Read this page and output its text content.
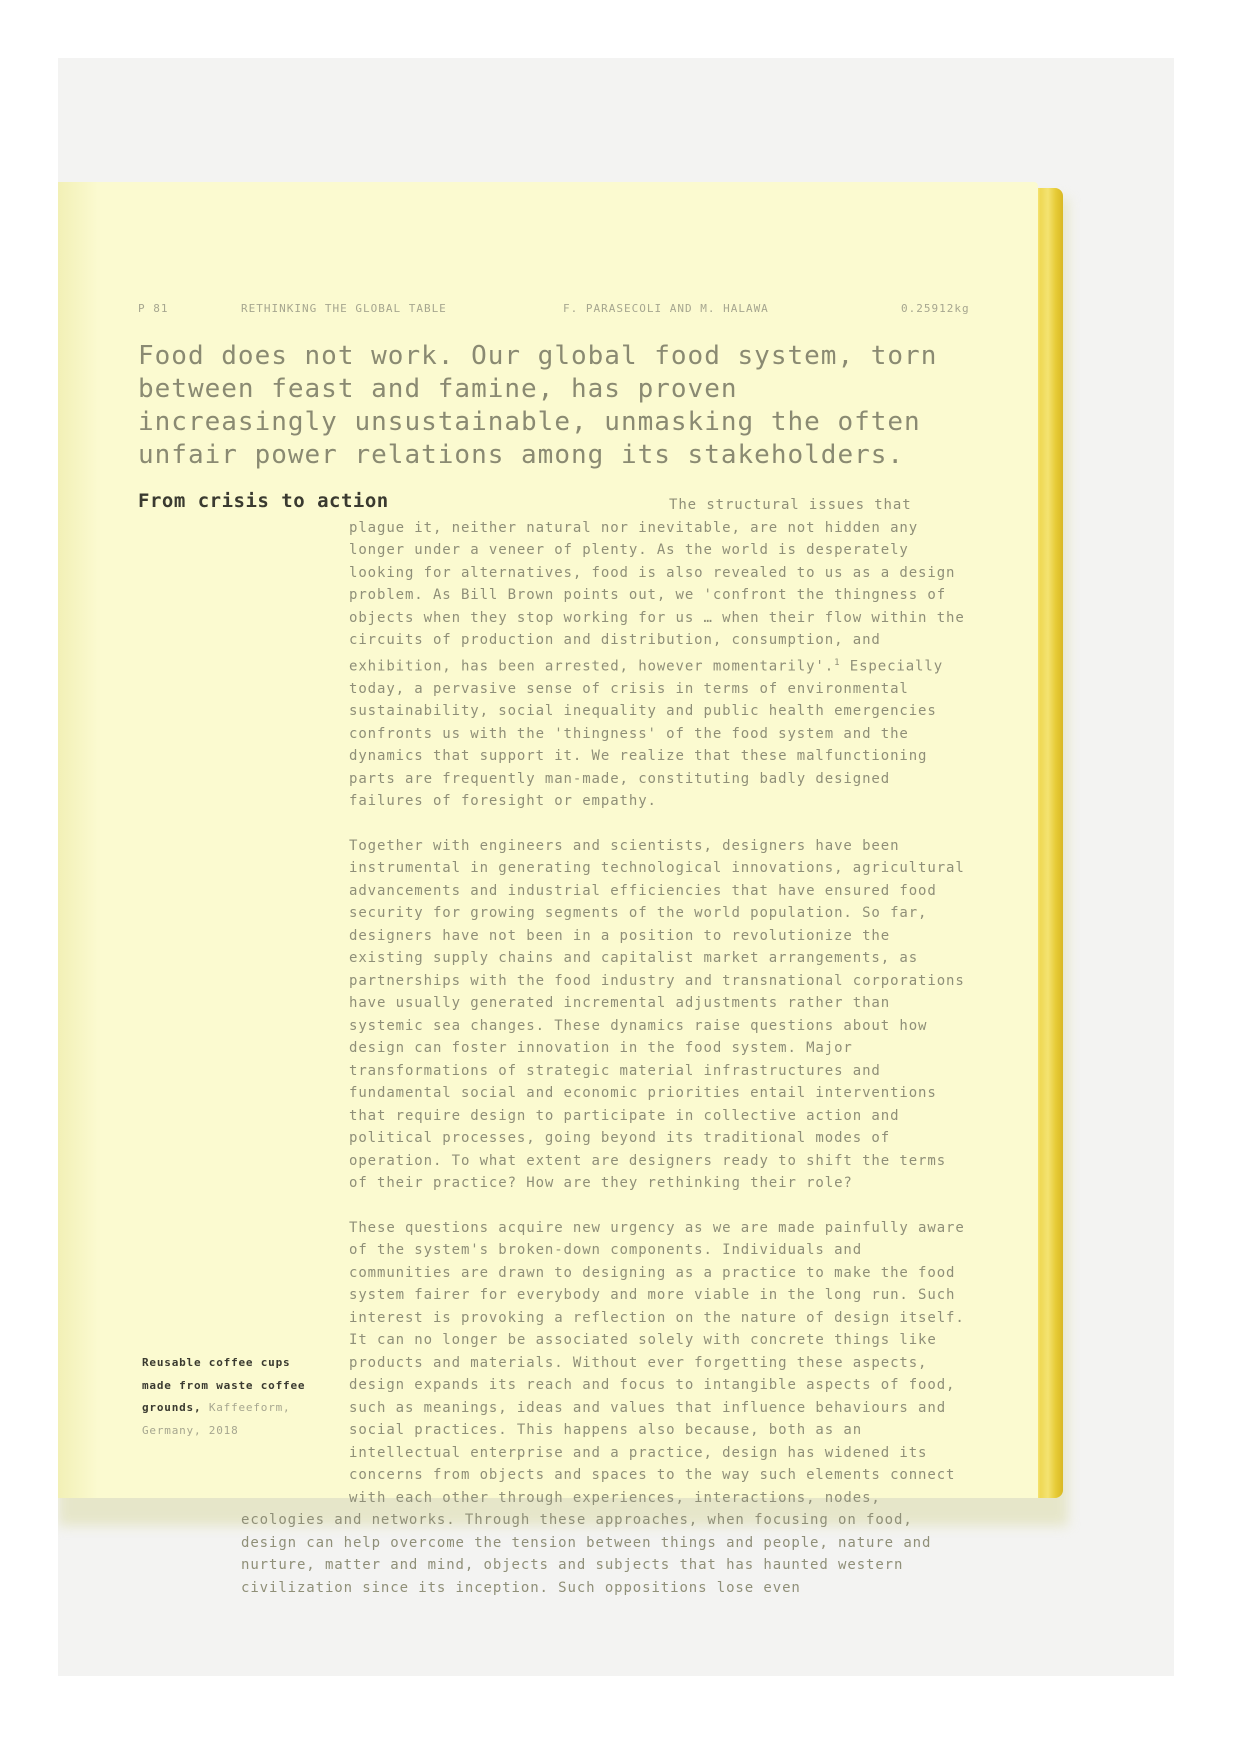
P 81	RETHINKING THE GLOBAL TABLE	F. PARASECOLI AND M. HALAWA	0.25912kg
Food does not work. Our global food system, torn between feast and famine, has proven increasingly unsustainable, unmasking the often unfair power relations among its stakeholders.
From crisis to action	The structural issues that plague it, neither natural nor inevitable, are not hidden any longer under a veneer of plenty. As the world is desperately looking for alternatives, food is also revealed to us as a design problem. As Bill Brown points out, we 'confront the thingness of objects when they stop working for us … when their flow within the circuits of production and distribution, consumption, and exhibition, has been arrested, however momentarily'.$^1$ Especially today, a pervasive sense of crisis in terms of environmental sustainability, social inequality and public health emergencies confronts us with the 'thingness' of the food system and the dynamics that support it. We realize that these malfunctioning parts are frequently man-made, constituting badly designed failures of foresight or empathy.

Together with engineers and scientists, designers have been instrumental in generating technological innovations, agricultural advancements and industrial efficiencies that have ensured food security for growing segments of the world population. So far, designers have not been in a position to revolutionize the existing supply chains and capitalist market arrangements, as partnerships with the food industry and transnational corporations have usually generated incremental adjustments rather than systemic sea changes. These dynamics raise questions about how design can foster innovation in the food system. Major transformations of strategic material infrastructures and fundamental social and economic priorities entail interventions that require design to participate in collective action and political processes, going beyond its traditional modes of operation. To what extent are designers ready to shift the terms of their practice? How are they rethinking their role?

These questions acquire new urgency as we are made painfully aware of the system's broken-down components. Individuals and communities are drawn to designing as a practice to make the food system fairer for everybody and more viable in the long run. Such interest is provoking a reflection on the nature of design itself. It can no longer be associated solely with concrete things like products and materials. Without ever forgetting these aspects, design expands its reach and focus to intangible aspects of food, such as meanings, ideas and values that influence behaviours and social practices. This happens also because, both as an intellectual enterprise and a practice, design has widened its concerns from objects and spaces to the way such elements connect with each other through experiences, interactions, nodes, ecologies and networks. Through these approaches, when focusing on food, design can help overcome the tension between things and people, nature and nurture, matter and mind, objects and subjects that has haunted western civilization since its inception. Such oppositions lose even

Reusable coffee cups made from waste coffee grounds, Kaffeeform, Germany, 2018
